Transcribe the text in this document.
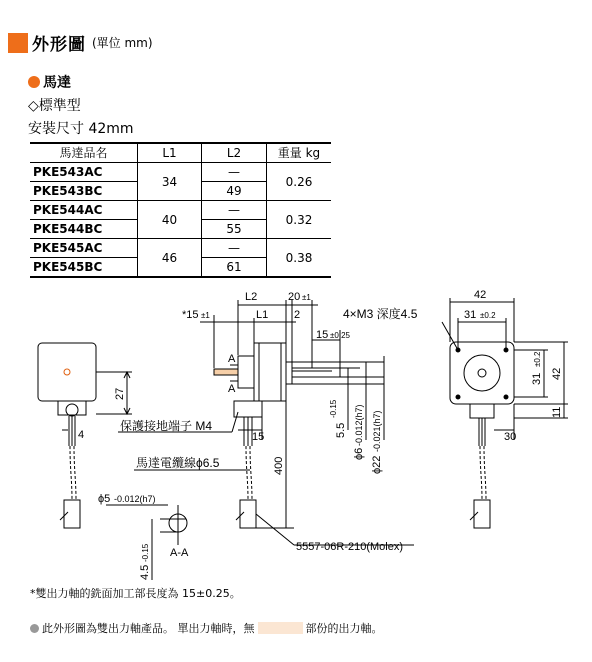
外形圖 (單位 mm)
馬達
◇標準型
安裝尺寸 42mm
馬達品名	L1	L2	重量 kg
PKE543AC	34	—	0.26
PKE543BC		49	
PKE544AC	40	—	0.32
PKE544BC		55	
PKE545AC	46	—	0.38
PKE545BC		61	
L2
L1
*15 ±1
20 ±1
2
15 ±0.25
A
A
4×M3 深度4.5
42
31 ±0.2
31
±0.2
42
11
30
27
4
保護接地端子 M4
15
馬達電纜線ϕ6.5	400
5.5
-0.15
ϕ6
-0.012(h7)
ϕ22
-0.021(h7)
ϕ5 -0.012(h7)
A-A
4.5
-0.15	5557-06R-210(Molex)
*雙出力軸的銑面加工部長度為 15±0.25。
此外形圖為雙出力軸產品。 單出力軸時，無	部份的出力軸。
